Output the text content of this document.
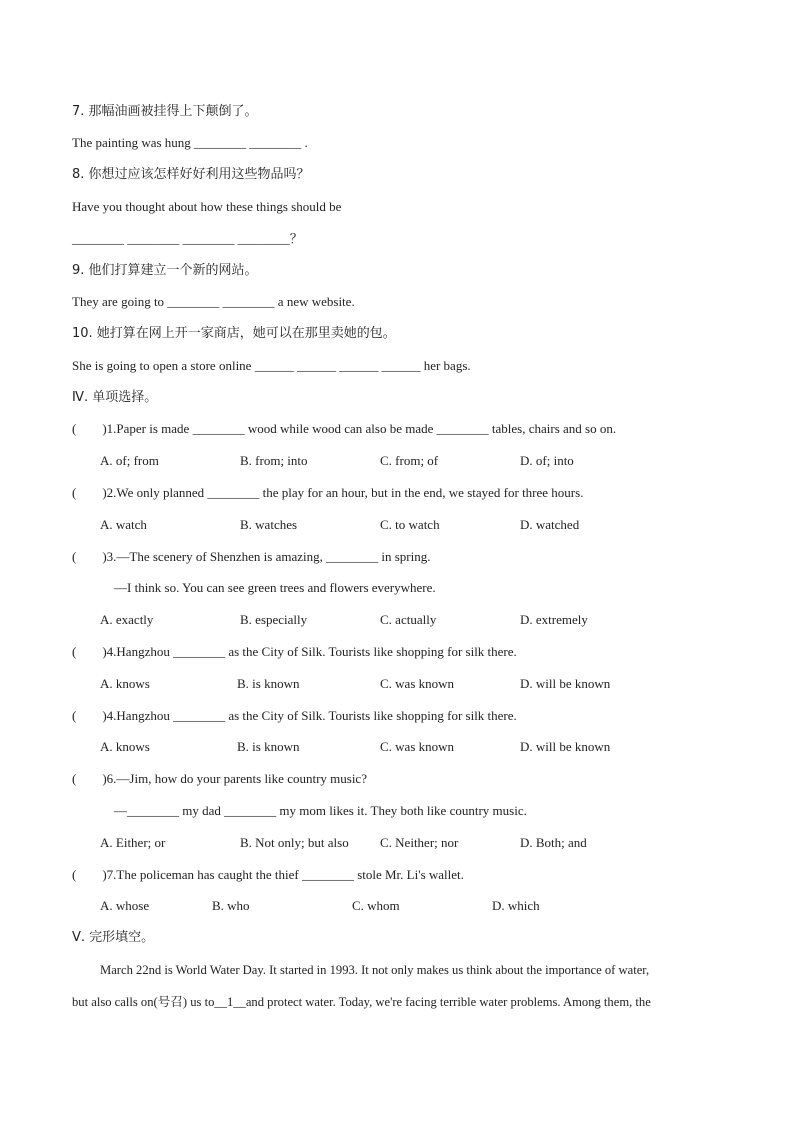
7. 那幅油画被挂得上下颠倒了。
The painting was hung ________ ________ .
8. 你想过应该怎样好好利用这些物品吗？
Have you thought about how these things should be
________ ________ ________ ________？
9. 他们打算建立一个新的网站。
They are going to ________ ________ a new website.
10. 她打算在网上开一家商店，她可以在那里卖她的包。
She is going to open a store online ______ ______ ______ ______ her bags.
Ⅳ. 单项选择。
(　　)1.Paper is made ________ wood while wood can also be made ________ tables, chairs and so on.
A. of; from	B. from; into	C. from; of	D. of; into
(　　)2.We only planned ________ the play for an hour, but in the end, we stayed for three hours.
A. watch	B. watches	C. to watch	D. watched
(　　)3.—The scenery of Shenzhen is amazing, ________ in spring.
—I think so. You can see green trees and flowers everywhere.
A. exactly	B. especially	C. actually	D. extremely
(　　)4.Hangzhou ________ as the City of Silk. Tourists like shopping for silk there.
A. knows	B. is known	C. was known	D. will be known
(　　)4.Hangzhou ________ as the City of Silk. Tourists like shopping for silk there.
A. knows	B. is known	C. was known	D. will be known
(　　)6.—Jim, how do your parents like country music?
—________ my dad ________ my mom likes it. They both like country music.
A. Either; or	B. Not only; but also C. Neither; nor	D. Both; and
(　　)7.The policeman has caught the thief ________ stole Mr. Li's wallet.
A. whose	B. who	C. whom	D. which
Ⅴ. 完形填空。
March 22nd is World Water Day. It started in 1993. It not only makes us think about the importance of water,
but also calls on(号召) us to__1__and protect water. Today, we're facing terrible water problems. Among them, the
